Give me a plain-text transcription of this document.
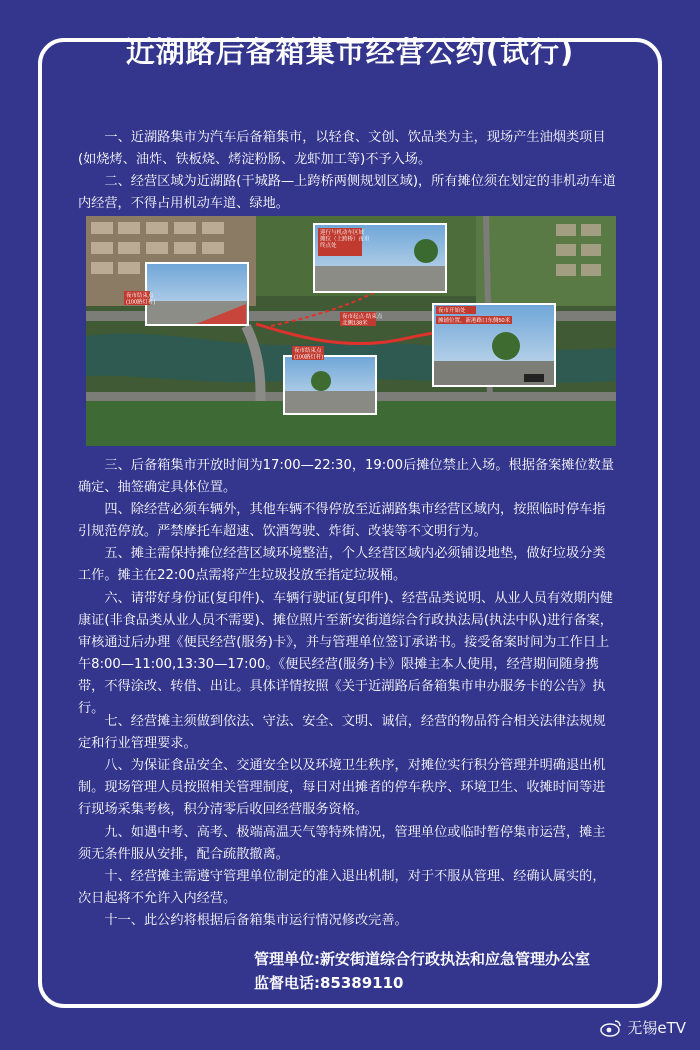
近湖路后备箱集市经营公约(试行)

一、近湖路集市为汽车后备箱集市，以轻食、文创、饮品类为主，现场产生油烟类项目(如烧烤、油炸、铁板烧、烤淀粉肠、龙虾加工等)不予入场。

二、经营区域为近湖路(干城路—上跨桥两侧规划区域)，所有摊位须在划定的非机动车道内经营，不得占用机动车道、绿地。

夜市结束点(100路灯杆)
迎行与机动车区域摊位（上跨桥）夜市终点处
夜市开始处
摊铺位置，新港路口东侧50米
夜市起点·结束点北侧138米
夜市结束点(100路灯杆)

三、后备箱集市开放时间为17:00—22:30，19:00后摊位禁止入场。根据备案摊位数量确定、抽签确定具体位置。

四、除经营必须车辆外，其他车辆不得停放至近湖路集市经营区域内，按照临时停车指引规范停放。严禁摩托车超速、饮酒驾驶、炸街、改装等不文明行为。

五、摊主需保持摊位经营区域环境整洁，个人经营区域内必须铺设地垫，做好垃圾分类工作。摊主在22:00点需将产生垃圾投放至指定垃圾桶。

六、请带好身份证(复印件)、车辆行驶证(复印件)、经营品类说明、从业人员有效期内健康证(非食品类从业人员不需要)、摊位照片至新安街道综合行政执法局(执法中队)进行备案，审核通过后办理《便民经营(服务)卡》，并与管理单位签订承诺书。接受备案时间为工作日上午8:00—11:00,13:30—17:00。《便民经营(服务)卡》限摊主本人使用，经营期间随身携带，不得涂改、转借、出让。具体详情按照《关于近湖路后备箱集市申办服务卡的公告》执行。

七、经营摊主须做到依法、守法、安全、文明、诚信，经营的物品符合相关法律法规规定和行业管理要求。

八、为保证食品安全、交通安全以及环境卫生秩序，对摊位实行积分管理并明确退出机制。现场管理人员按照相关管理制度，每日对出摊者的停车秩序、环境卫生、收摊时间等进行现场采集考核，积分清零后收回经营服务资格。

九、如遇中考、高考、极端高温天气等特殊情况，管理单位或临时暂停集市运营，摊主须无条件服从安排，配合疏散撤离。

十、经营摊主需遵守管理单位制定的准入退出机制，对于不服从管理、经确认属实的，次日起将不允许入内经营。

十一、此公约将根据后备箱集市运行情况修改完善。

管理单位:新安街道综合行政执法和应急管理办公室
监督电话:85389110
无锡eTV
